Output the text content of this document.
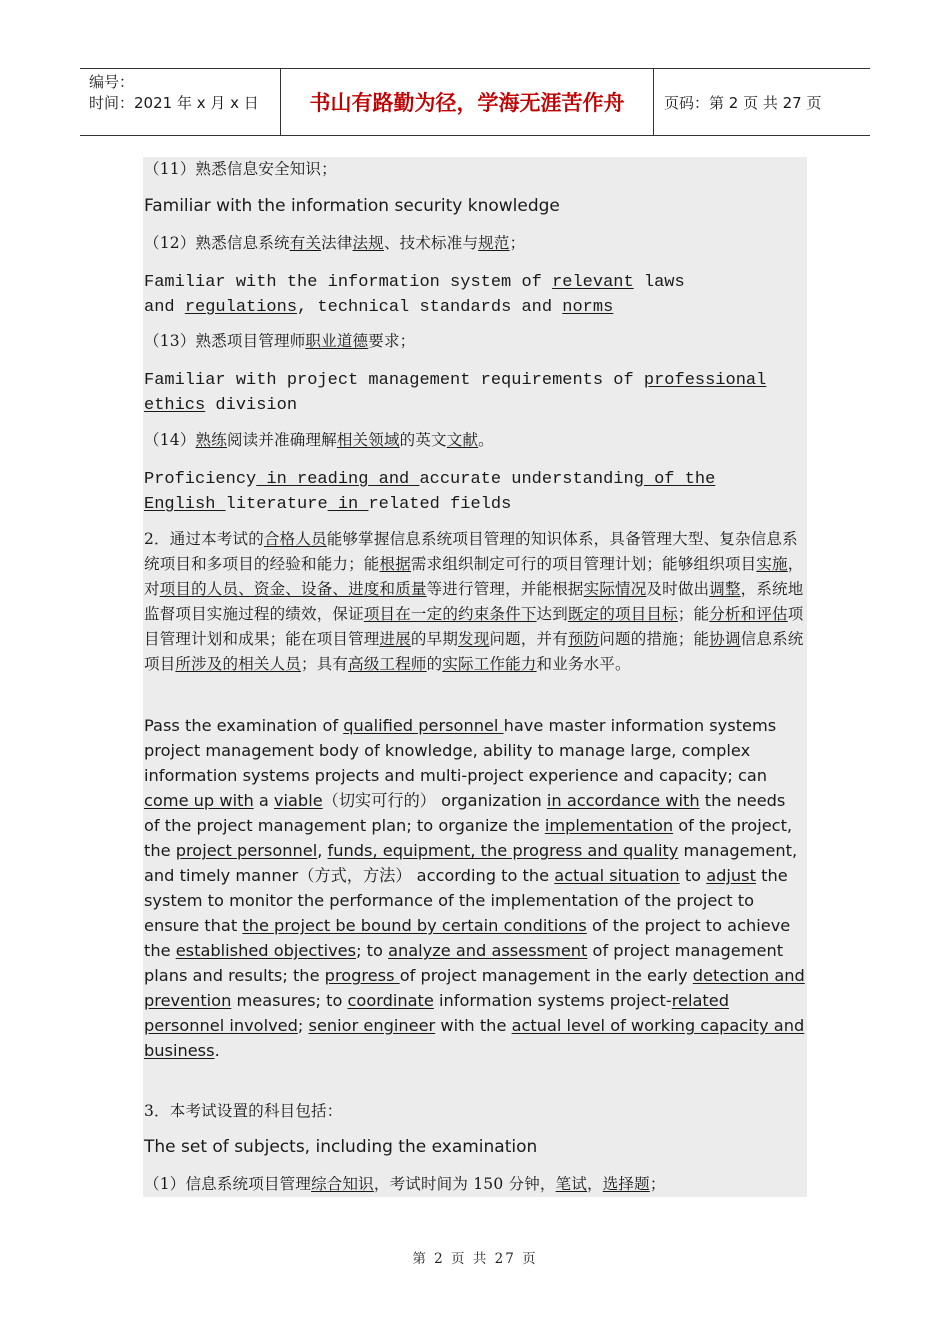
编号：
时间：2021 年 x 月 x 日	书山有路勤为径，学海无涯苦作舟	页码：第 2 页 共 27 页

（11）熟悉信息安全知识；

Familiar with the information security knowledge

（12）熟悉信息系统有关法律法规、技术标准与规范；

Familiar with the information system of relevant laws and regulations, technical standards and norms

（13）熟悉项目管理师职业道德要求；

Familiar with project management requirements of professional ethics division

（14）熟练阅读并准确理解相关领域的英文文献。

Proficiency in reading and accurate understanding of the English literature in related fields

2．通过本考试的合格人员能够掌握信息系统项目管理的知识体系，具备管理大型、复杂信息系统项目和多项目的经验和能力；能根据需求组织制定可行的项目管理计划；能够组织项目实施，对项目的人员、资金、设备、进度和质量等进行管理，并能根据实际情况及时做出调整，系统地监督项目实施过程的绩效，保证项目在一定的约束条件下达到既定的项目目标；能分析和评估项目管理计划和成果；能在项目管理进展的早期发现问题，并有预防问题的措施；能协调信息系统项目所涉及的相关人员；具有高级工程师的实际工作能力和业务水平。

Pass the examination of qualified personnel have master information systems project management body of knowledge, ability to manage large, complex information systems projects and multi-project experience and capacity; can come up with a viable（切实可行的） organization in accordance with the needs of the project management plan; to organize the implementation of the project, the project personnel, funds, equipment, the progress and quality management, and timely manner（方式，方法） according to the actual situation to adjust the system to monitor the performance of the implementation of the project to ensure that the project be bound by certain conditions of the project to achieve the established objectives; to analyze and assessment of project management plans and results; the progress of project management in the early detection and prevention measures; to coordinate information systems project-related personnel involved; senior engineer with the actual level of working capacity and business.

3．本考试设置的科目包括：

The set of subjects, including the examination

（1）信息系统项目管理综合知识，考试时间为 150 分钟，笔试，选择题；

第 2 页 共 27 页
